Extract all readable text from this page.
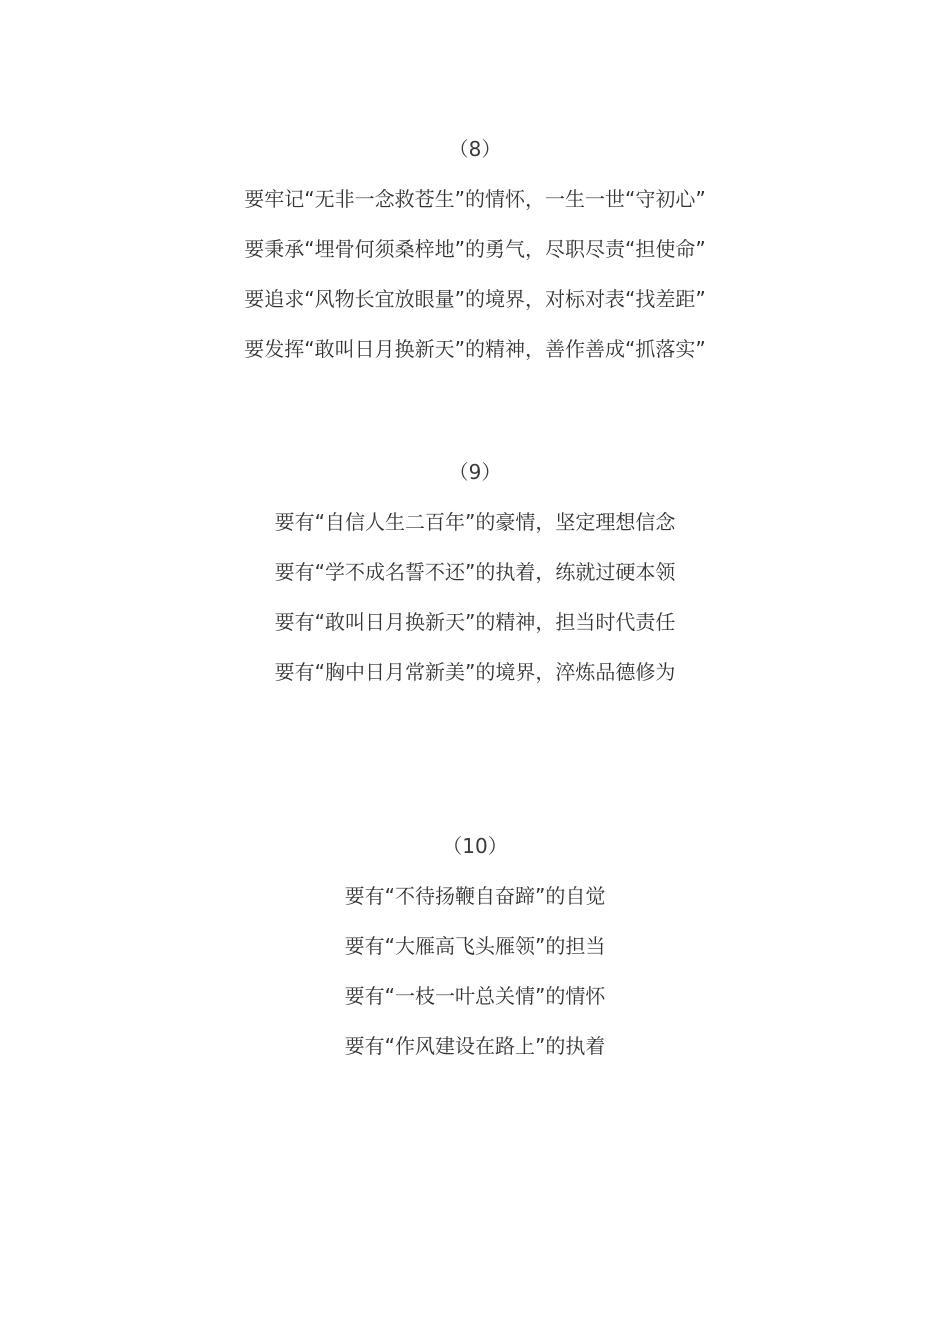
（8）
要牢记“无非一念救苍生”的情怀，一生一世“守初心”
要秉承“埋骨何须桑梓地”的勇气，尽职尽责“担使命”
要追求“风物长宜放眼量”的境界，对标对表“找差距”
要发挥“敢叫日月换新天”的精神，善作善成“抓落实”
（9）
要有“自信人生二百年”的豪情，坚定理想信念
要有“学不成名誓不还”的执着，练就过硬本领
要有“敢叫日月换新天”的精神，担当时代责任
要有“胸中日月常新美”的境界，淬炼品德修为
（10）
要有“不待扬鞭自奋蹄”的自觉
要有“大雁高飞头雁领”的担当
要有“一枝一叶总关情”的情怀
要有“作风建设在路上”的执着
